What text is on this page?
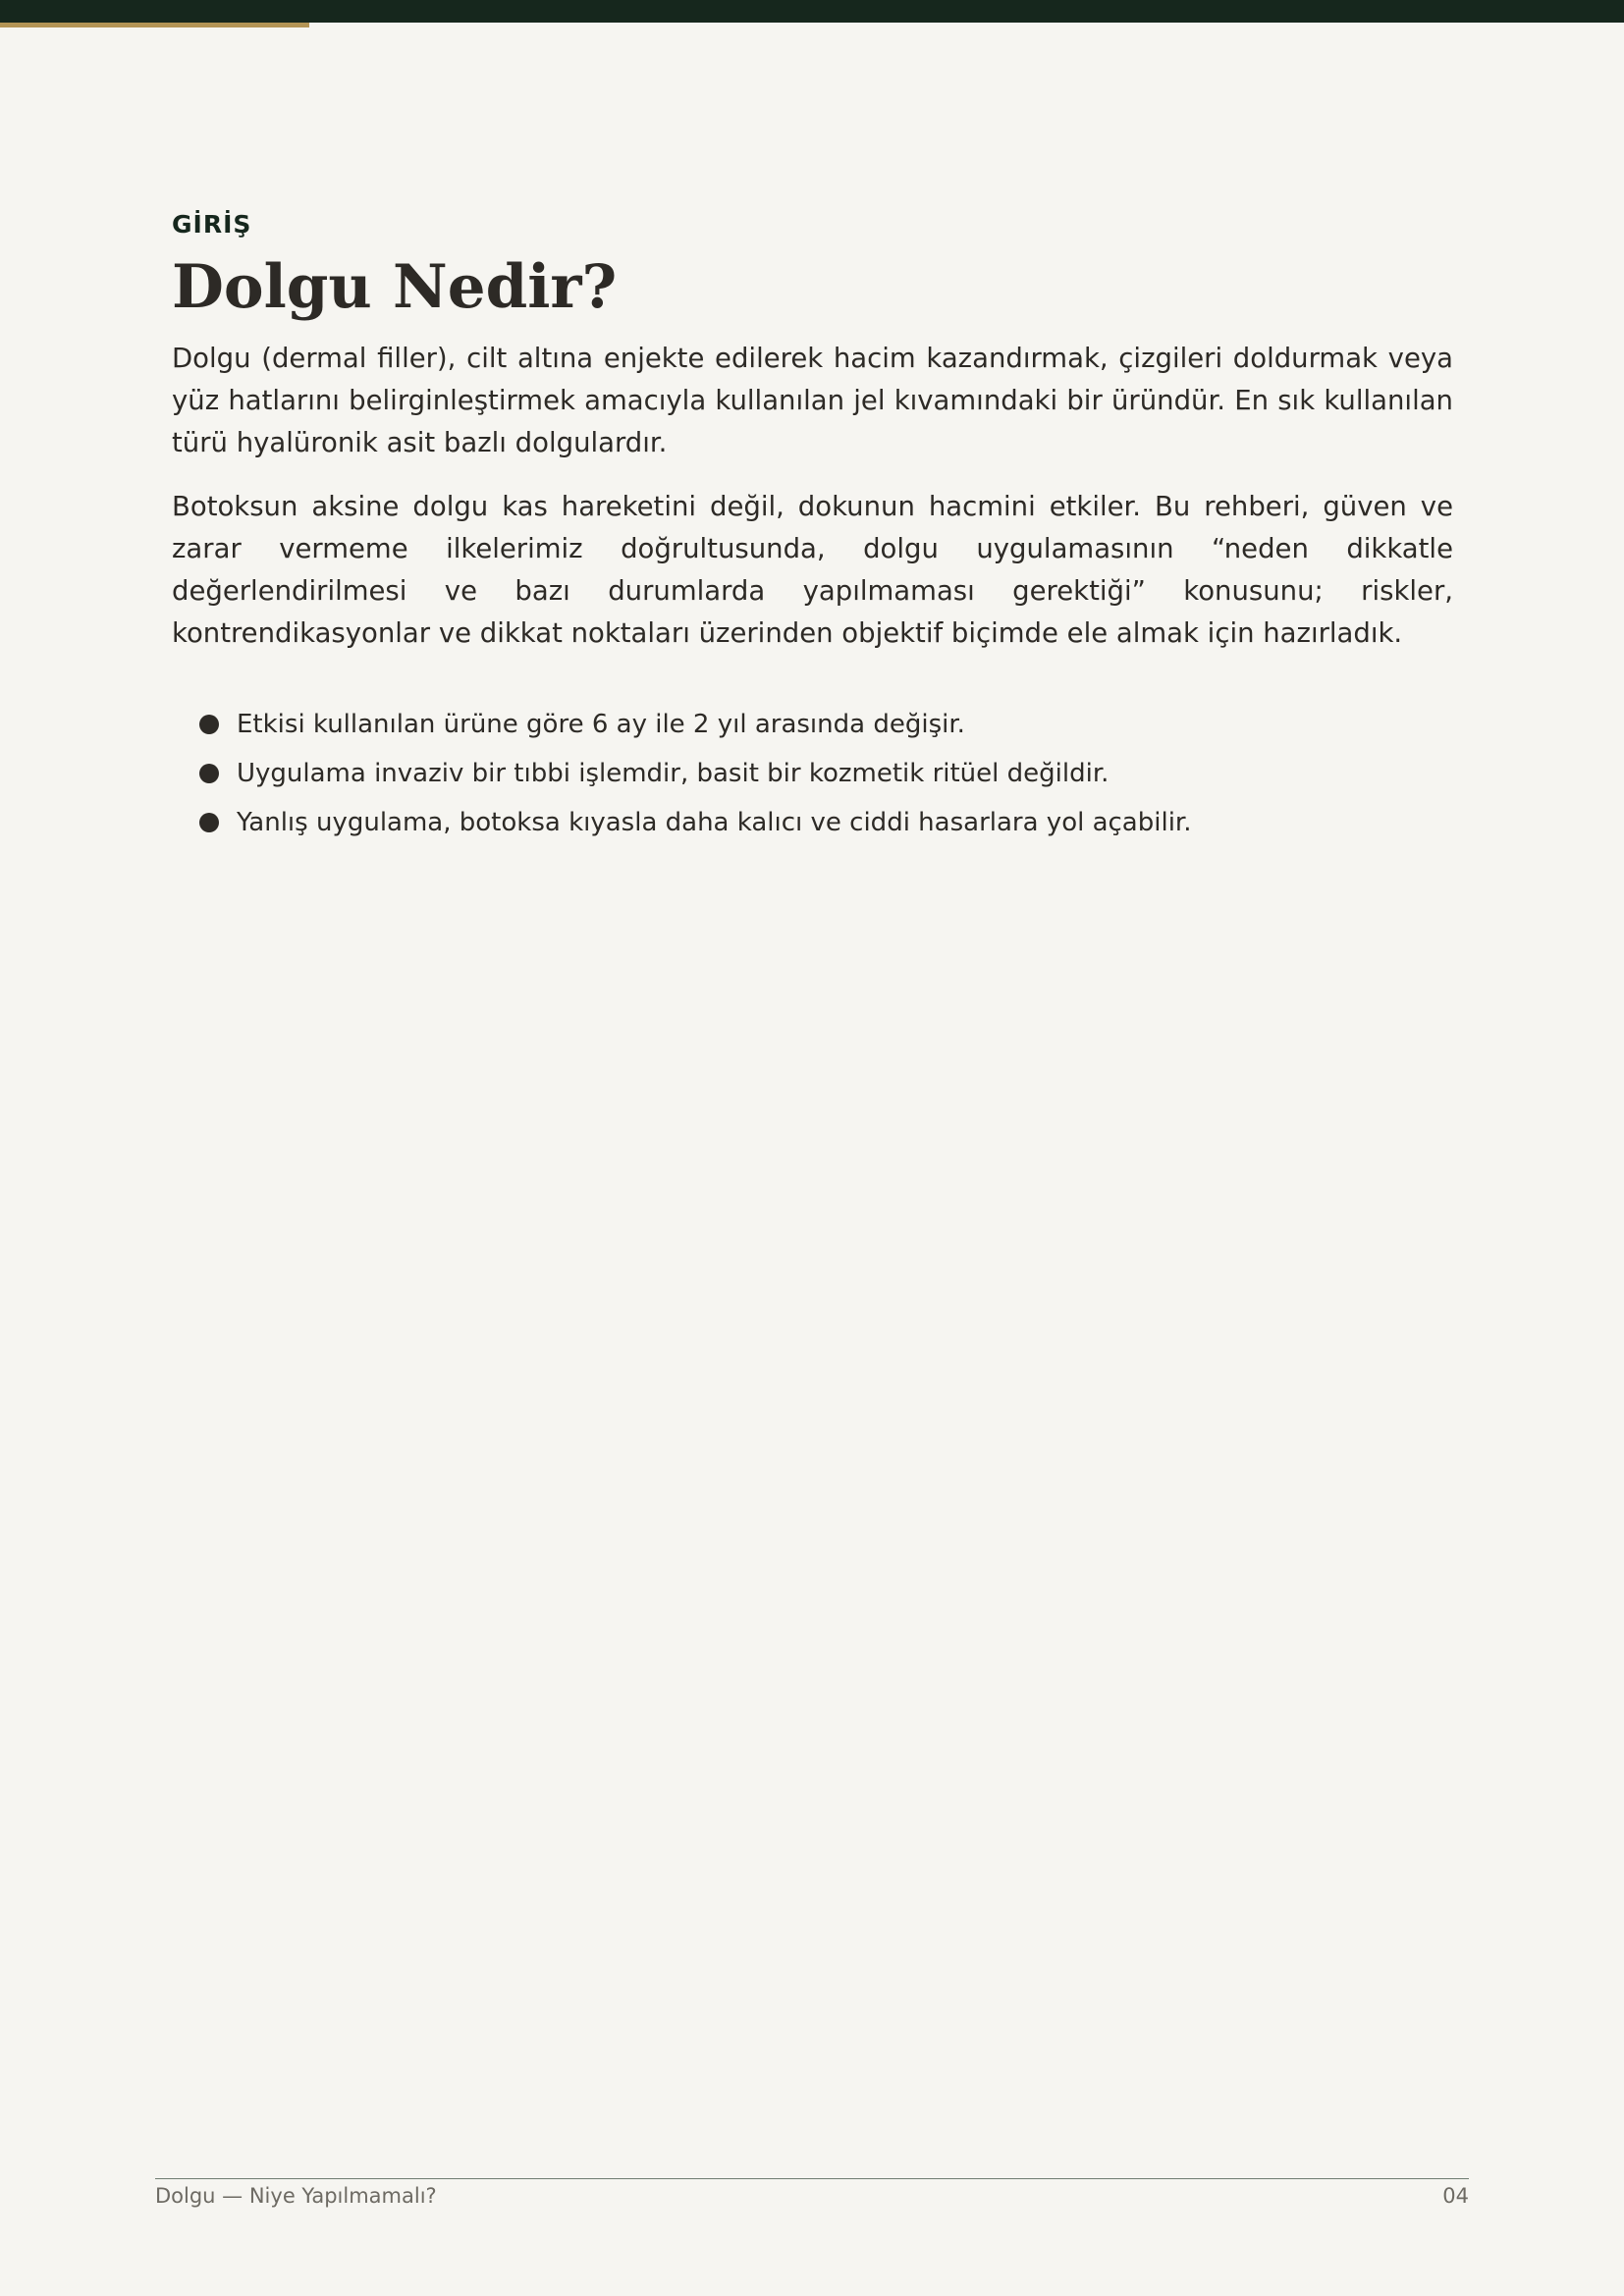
GİRİŞ

Dolgu Nedir?

Dolgu (dermal filler), cilt altına enjekte edilerek hacim kazandırmak, çizgileri doldurmak veya yüz hatlarını belirginleştirmek amacıyla kullanılan jel kıvamındaki bir üründür. En sık kullanılan türü hyalüronik asit bazlı dolgulardır.

Botoksun aksine dolgu kas hareketini değil, dokunun hacmini etkiler. Bu rehberi, güven ve zarar vermeme ilkelerimiz doğrultusunda, dolgu uygulamasının “neden dikkatle değerlendirilmesi ve bazı durumlarda yapılmaması gerektiği” konusunu; riskler, kontrendikasyonlar ve dikkat noktaları üzerinden objektif biçimde ele almak için hazırladık.

Etkisi kullanılan ürüne göre 6 ay ile 2 yıl arasında değişir.
Uygulama invaziv bir tıbbi işlemdir, basit bir kozmetik ritüel değildir.
Yanlış uygulama, botoksa kıyasla daha kalıcı ve ciddi hasarlara yol açabilir.
Dolgu — Niye Yapılmamalı?	04
